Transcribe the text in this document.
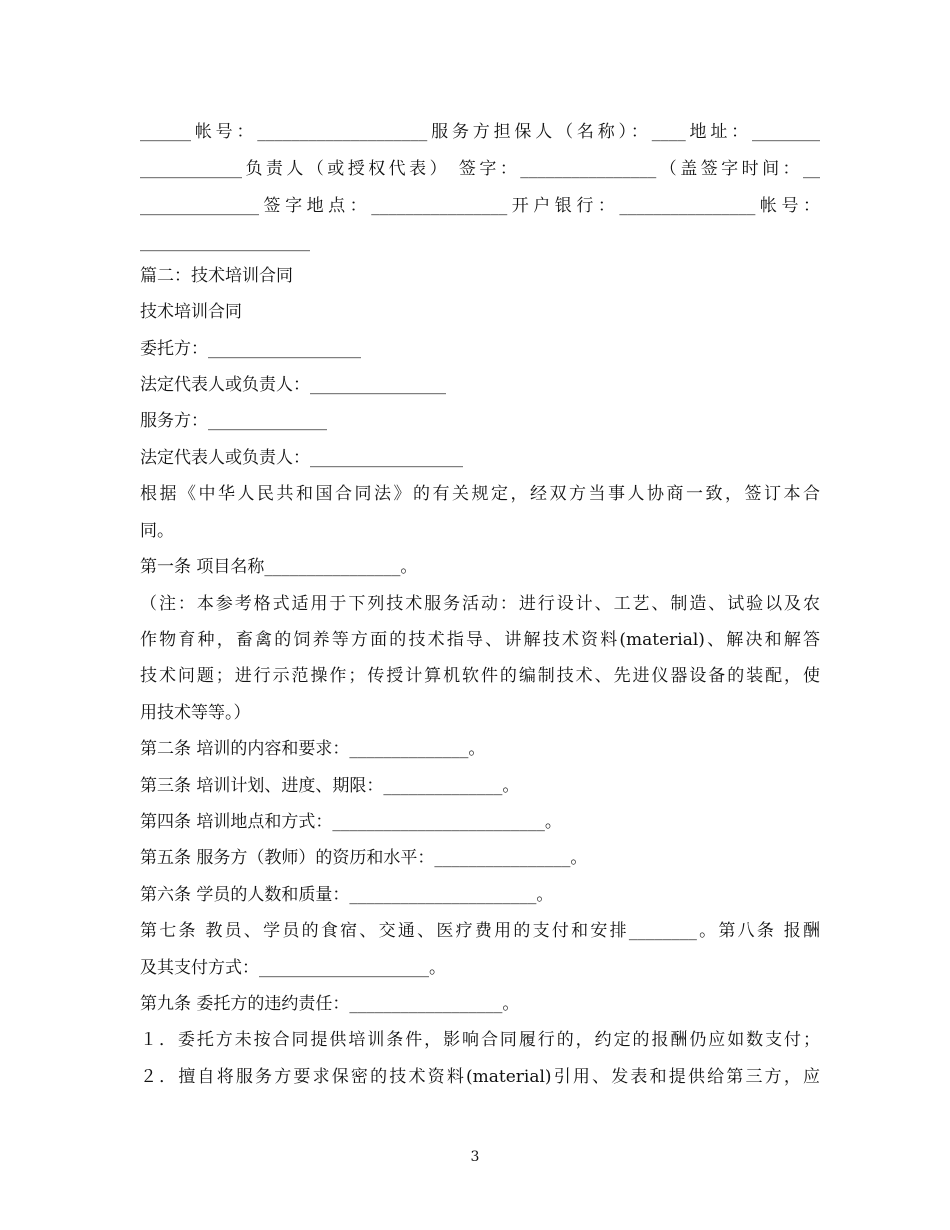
______帐号：____________________服务方担保人（名称）：____地址：________
____________负责人（或授权代表） 签字：________________（盖签字时间：__
______________签字地点：________________开户银行：________________帐号：
____________________
篇二：技术培训合同
技术培训合同
委托方：__________________
法定代表人或负责人：________________
服务方：______________
法定代表人或负责人：__________________
根据《中华人民共和国合同法》的有关规定，经双方当事人协商一致，签订本合
同。
第一条 项目名称________________。
（注：本参考格式适用于下列技术服务活动：进行设计、工艺、制造、试验以及农
作物育种，畜禽的饲养等方面的技术指导、讲解技术资料(material)、解决和解答
技术问题；进行示范操作；传授计算机软件的编制技术、先进仪器设备的装配，使
用技术等等。）
第二条 培训的内容和要求：______________。
第三条 培训计划、进度、期限：______________。
第四条 培训地点和方式：_________________________。
第五条 服务方（教师）的资历和水平：________________。
第六条 学员的人数和质量：______________________。
第七条 教员、学员的食宿、交通、医疗费用的支付和安排________。第八条 报酬
及其支付方式：____________________。
第九条 委托方的违约责任：__________________。
１．委托方未按合同提供培训条件，影响合同履行的，约定的报酬仍应如数支付；
２．擅自将服务方要求保密的技术资料(material)引用、发表和提供给第三方，应
3
